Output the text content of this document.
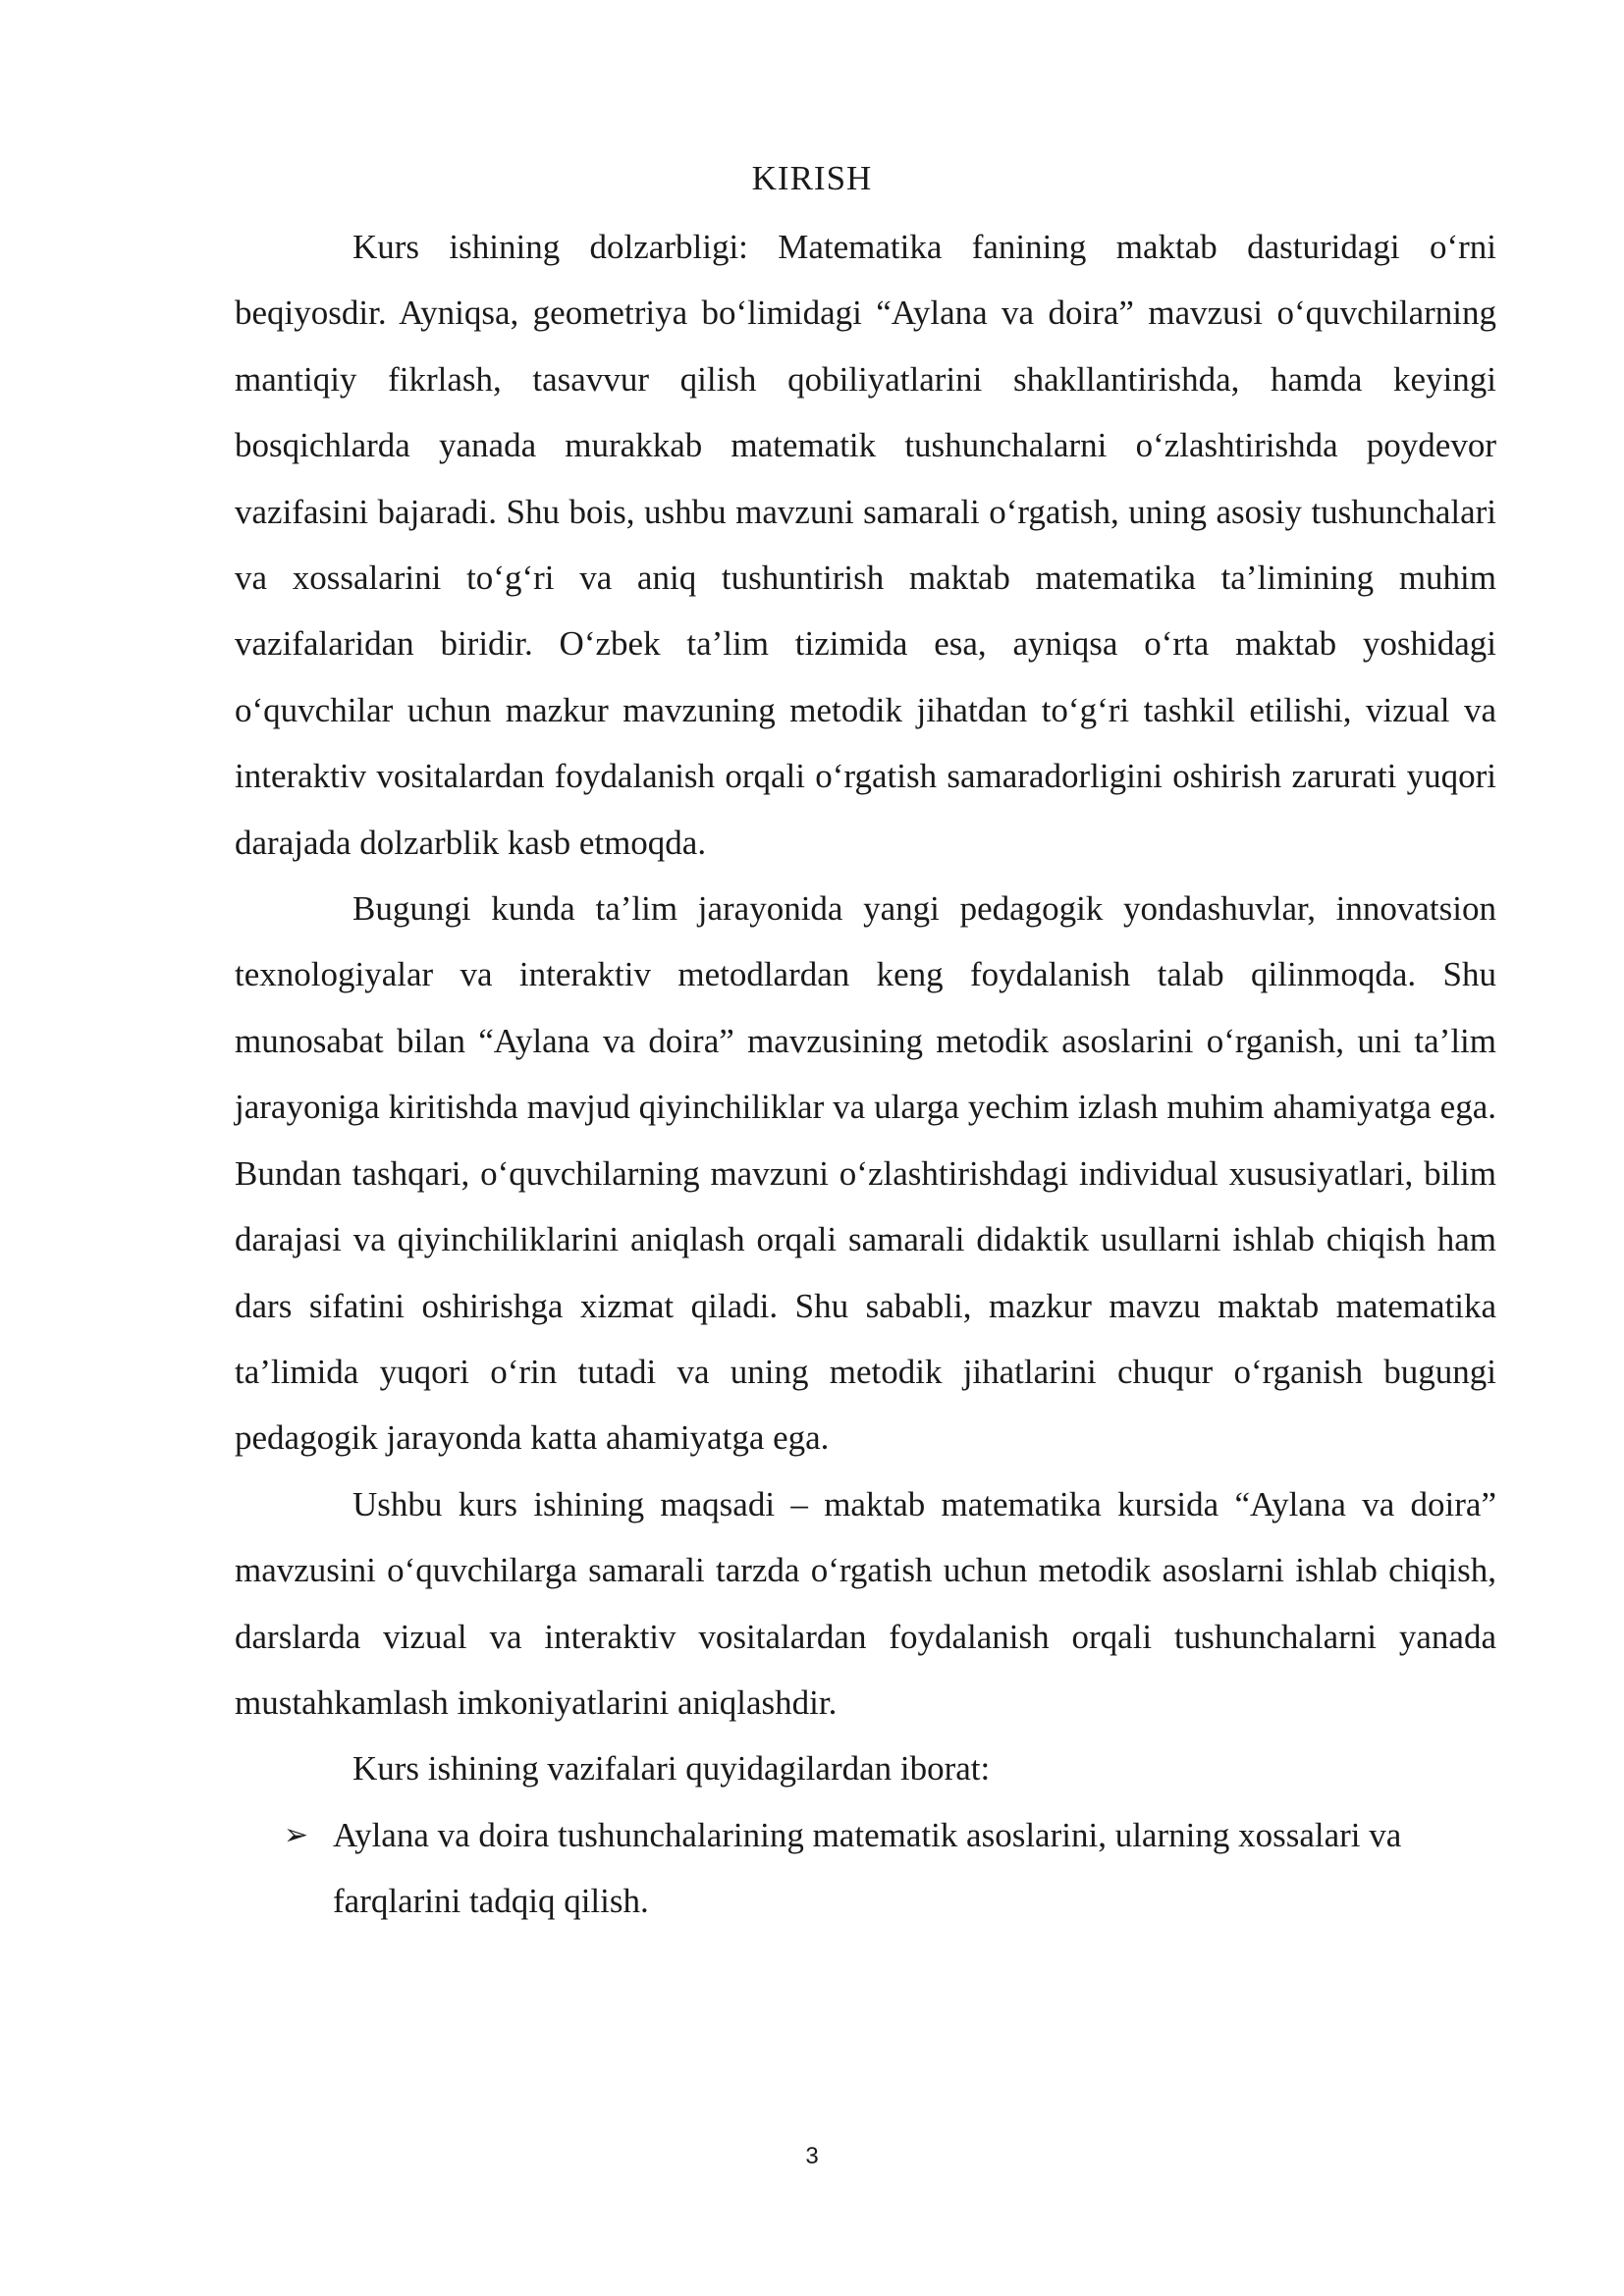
KIRISH

Kurs ishining dolzarbligi: Matematika fanining maktab dasturidagi o‘rni beqiyosdir. Ayniqsa, geometriya bo‘limidagi “Aylana va doira” mavzusi o‘quvchilarning mantiqiy fikrlash, tasavvur qilish qobiliyatlarini shakllantirishda, hamda keyingi bosqichlarda yanada murakkab matematik tushunchalarni o‘zlashtirishda poydevor vazifasini bajaradi. Shu bois, ushbu mavzuni samarali o‘rgatish, uning asosiy tushunchalari va xossalarini to‘g‘ri va aniq tushuntirish maktab matematika ta’limining muhim vazifalaridan biridir. O‘zbek ta’lim tizimida esa, ayniqsa o‘rta maktab yoshidagi o‘quvchilar uchun mazkur mavzuning metodik jihatdan to‘g‘ri tashkil etilishi, vizual va interaktiv vositalardan foydalanish orqali o‘rgatish samaradorligini oshirish zarurati yuqori darajada dolzarblik kasb etmoqda.

Bugungi kunda ta’lim jarayonida yangi pedagogik yondashuvlar, innovatsion texnologiyalar va interaktiv metodlardan keng foydalanish talab qilinmoqda. Shu munosabat bilan “Aylana va doira” mavzusining metodik asoslarini o‘rganish, uni ta’lim jarayoniga kiritishda mavjud qiyinchiliklar va ularga yechim izlash muhim ahamiyatga ega. Bundan tashqari, o‘quvchilarning mavzuni o‘zlashtirishdagi individual xususiyatlari, bilim darajasi va qiyinchiliklarini aniqlash orqali samarali didaktik usullarni ishlab chiqish ham dars sifatini oshirishga xizmat qiladi. Shu sababli, mazkur mavzu maktab matematika ta’limida yuqori o‘rin tutadi va uning metodik jihatlarini chuqur o‘rganish bugungi pedagogik jarayonda katta ahamiyatga ega.

Ushbu kurs ishining maqsadi – maktab matematika kursida “Aylana va doira” mavzusini o‘quvchilarga samarali tarzda o‘rgatish uchun metodik asoslarni ishlab chiqish, darslarda vizual va interaktiv vositalardan foydalanish orqali tushunchalarni yanada mustahkamlash imkoniyatlarini aniqlashdir.

Kurs ishining vazifalari quyidagilardan iborat:

➢ Aylana va doira tushunchalarining matematik asoslarini, ularning xossalari va farqlarini tadqiq qilish.
3
